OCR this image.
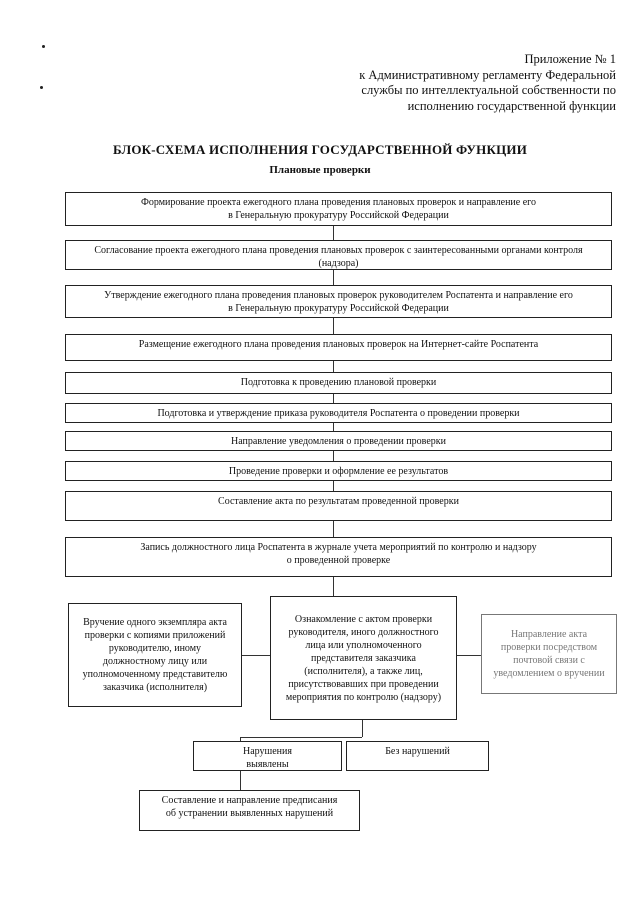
Приложение № 1
к Административному регламенту Федеральной
службы по интеллектуальной собственности по
исполнению государственной функции
БЛОК-СХЕМА ИСПОЛНЕНИЯ ГОСУДАРСТВЕННОЙ ФУНКЦИИ
Плановые проверки
Формирование проекта ежегодного плана проведения плановых проверок и направление его
в Генеральную прокуратуру Российской Федерации
Согласование проекта ежегодного плана проведения плановых проверок с заинтересованными органами контроля
(надзора)
Утверждение ежегодного плана проведения плановых проверок руководителем Роспатента и направление его
в Генеральную прокуратуру Российской Федерации
Размещение ежегодного плана проведения плановых проверок на Интернет-сайте Роспатента
Подготовка к проведению плановой проверки
Подготовка и утверждение приказа руководителя Роспатента о проведении проверки
Направление уведомления о проведении проверки
Проведение проверки и оформление ее результатов
Составление акта по результатам проведенной проверки
Запись должностного лица Роспатента в журнале учета мероприятий по контролю и надзору
о проведенной проверке
Вручение одного экземпляра акта
проверки с копиями приложений
руководителю, иному
должностному лицу или
уполномоченному представителю
заказчика (исполнителя)
Ознакомление с актом проверки
руководителя, иного должностного
лица или уполномоченного
представителя заказчика
(исполнителя), а также лиц,
присутствовавших при проведении
мероприятия по контролю (надзору)
Направление акта
проверки посредством
почтовой связи с
уведомлением о вручении
Нарушения
выявлены
Без нарушений
Составление и направление предписания
об устранении выявленных нарушений
